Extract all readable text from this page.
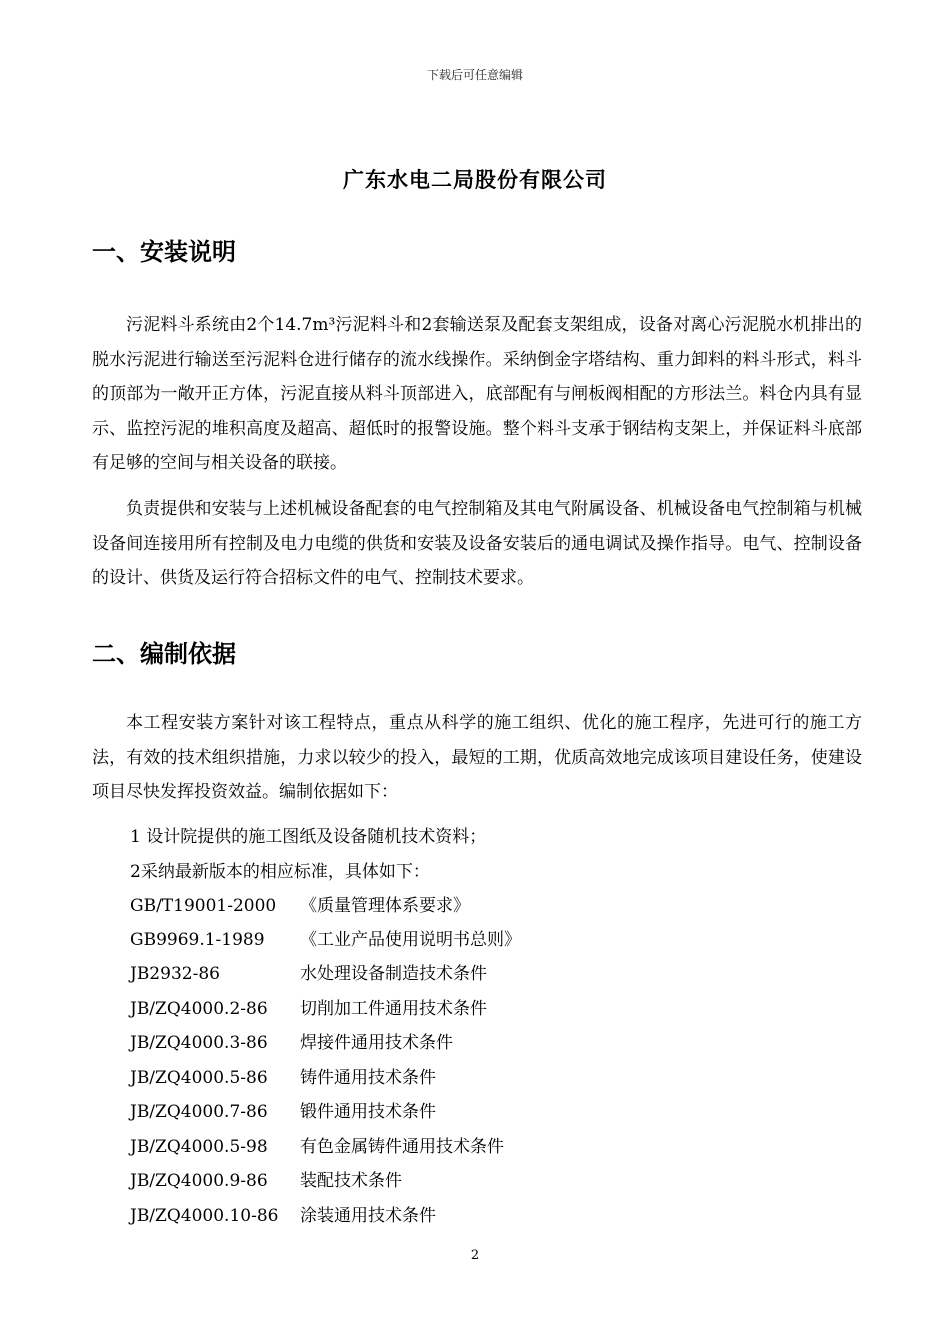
下载后可任意编辑
广东水电二局股份有限公司
一、安装说明
污泥料斗系统由2个14.7m³污泥料斗和2套输送泵及配套支架组成，设备对离心污泥脱水机排出的脱水污泥进行输送至污泥料仓进行储存的流水线操作。采纳倒金字塔结构、重力卸料的料斗形式，料斗的顶部为一敞开正方体，污泥直接从料斗顶部进入，底部配有与闸板阀相配的方形法兰。料仓内具有显示、监控污泥的堆积高度及超高、超低时的报警设施。整个料斗支承于钢结构支架上，并保证料斗底部有足够的空间与相关设备的联接。
负责提供和安装与上述机械设备配套的电气控制箱及其电气附属设备、机械设备电气控制箱与机械设备间连接用所有控制及电力电缆的供货和安装及设备安装后的通电调试及操作指导。电气、控制设备的设计、供货及运行符合招标文件的电气、控制技术要求。
二、编制依据
本工程安装方案针对该工程特点，重点从科学的施工组织、优化的施工程序，先进可行的施工方法，有效的技术组织措施，力求以较少的投入，最短的工期，优质高效地完成该项目建设任务，使建设项目尽快发挥投资效益。编制依据如下：
1 设计院提供的施工图纸及设备随机技术资料；
2采纳最新版本的相应标准，具体如下：
GB/T19001-2000 《质量管理体系要求》
GB9969.1-1989 《工业产品使用说明书总则》
JB2932-86	水处理设备制造技术条件
JB/ZQ4000.2-86 切削加工件通用技术条件
JB/ZQ4000.3-86 焊接件通用技术条件
JB/ZQ4000.5-86 铸件通用技术条件
JB/ZQ4000.7-86 锻件通用技术条件
JB/ZQ4000.5-98 有色金属铸件通用技术条件
JB/ZQ4000.9-86 装配技术条件
JB/ZQ4000.10-86 涂装通用技术条件
2
